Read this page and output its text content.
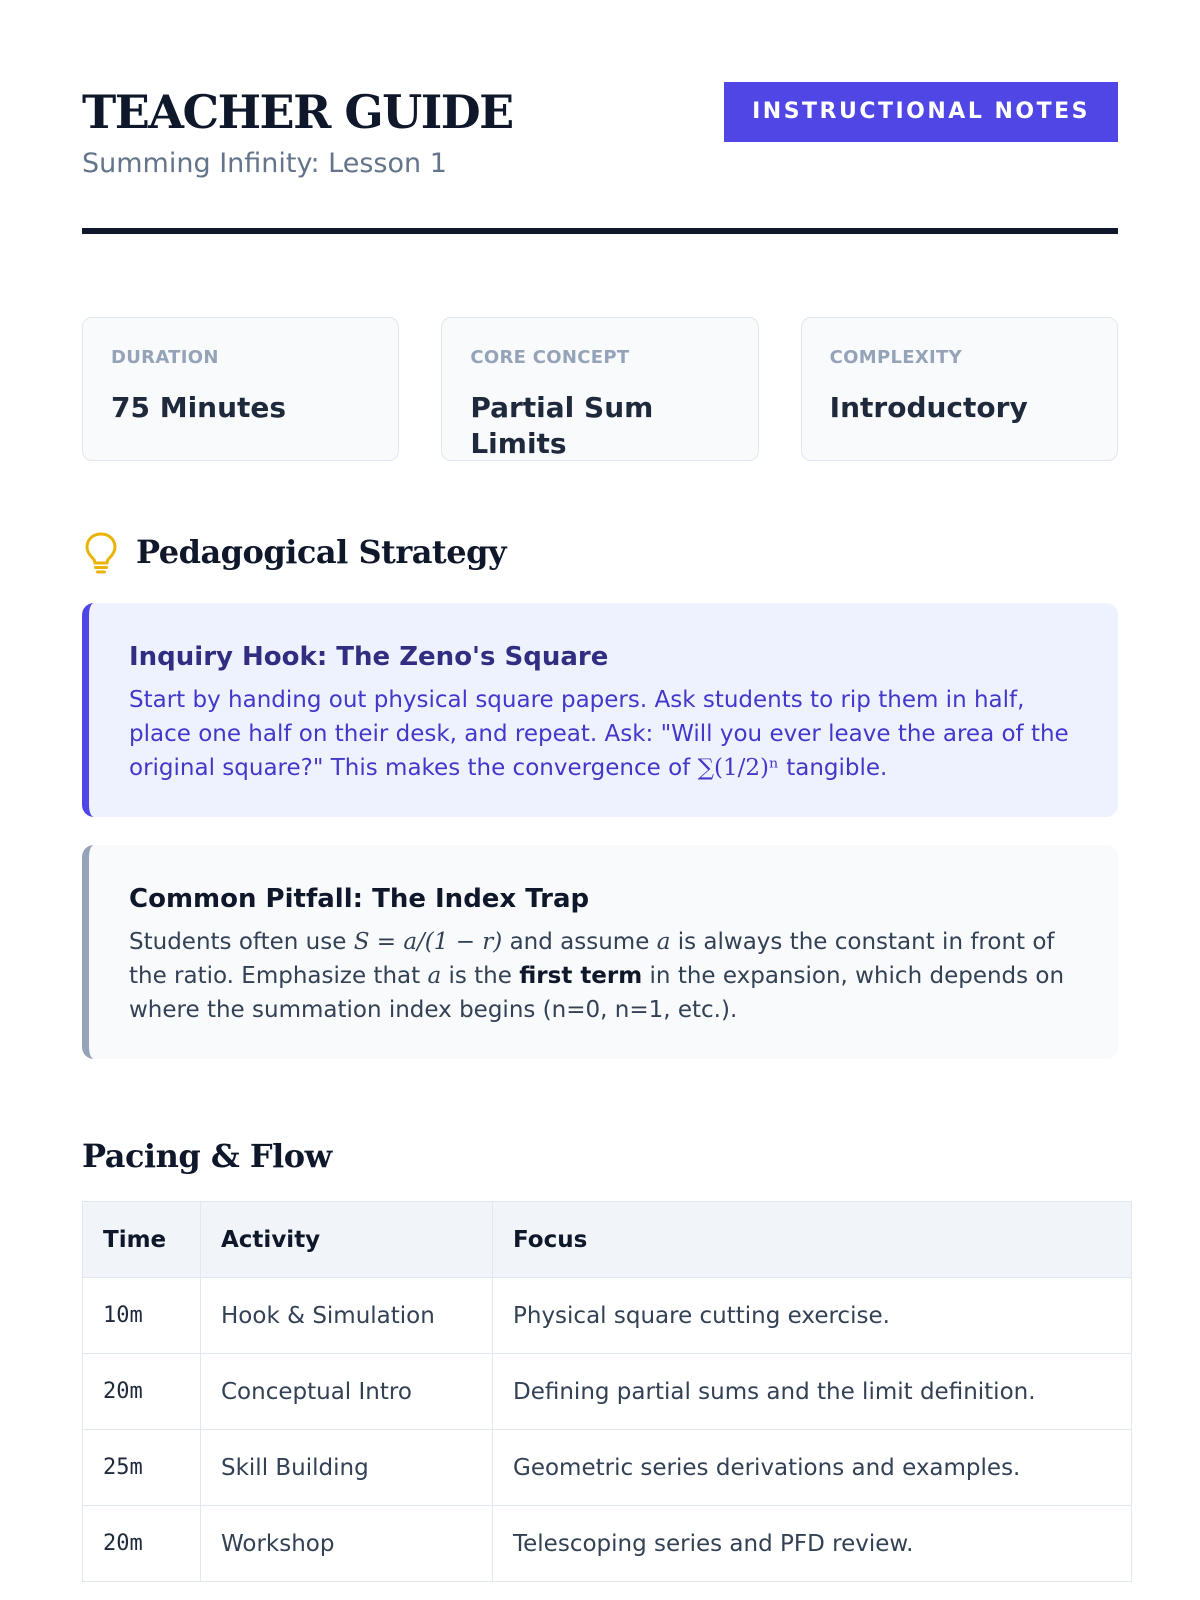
TEACHER GUIDE
Summing Infinity: Lesson 1
INSTRUCTIONAL NOTES
DURATION
75 Minutes
CORE CONCEPT
Partial Sum Limits
COMPLEXITY
Introductory
Pedagogical Strategy
Inquiry Hook: The Zeno's Square

Start by handing out physical square papers. Ask students to rip them in half, place one half on their desk, and repeat. Ask: "Will you ever leave the area of the original square?" This makes the convergence of ∑(1/2)ⁿ tangible.

Common Pitfall: The Index Trap

Students often use S = a/(1 − r) and assume a is always the constant in front of the ratio. Emphasize that a is the first term in the expansion, which depends on where the summation index begins (n=0, n=1, etc.).

Pacing & Flow
Time	Activity	Focus
10m	Hook & Simulation	Physical square cutting exercise.
20m	Conceptual Intro	Defining partial sums and the limit definition.
25m	Skill Building	Geometric series derivations and examples.
20m	Workshop	Telescoping series and PFD review.
